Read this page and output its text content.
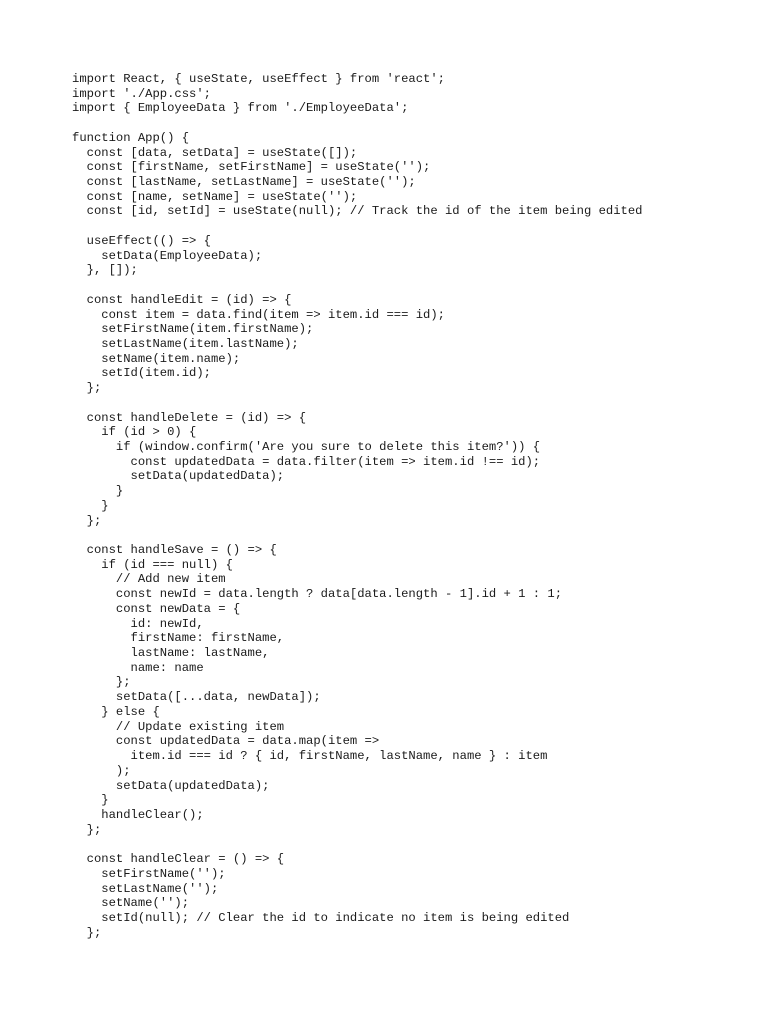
import React, { useState, useEffect } from 'react';
import './App.css';
import { EmployeeData } from './EmployeeData';
function App() {
const [data, setData] = useState([]);
const [firstName, setFirstName] = useState('');
const [lastName, setLastName] = useState('');
const [name, setName] = useState('');
const [id, setId] = useState(null); // Track the id of the item being edited
useEffect(() => {
setData(EmployeeData);
}, []);
const handleEdit = (id) => {
const item = data.find(item => item.id === id);
setFirstName(item.firstName);
setLastName(item.lastName);
setName(item.name);
setId(item.id);
};
const handleDelete = (id) => {
if (id > 0) {
if (window.confirm('Are you sure to delete this item?')) {
const updatedData = data.filter(item => item.id !== id);
setData(updatedData);
}
}
};
const handleSave = () => {
if (id === null) {
// Add new item
const newId = data.length ? data[data.length - 1].id + 1 : 1;
const newData = {
id: newId,
firstName: firstName,
lastName: lastName,
name: name
};
setData([...data, newData]);
} else {
// Update existing item
const updatedData = data.map(item =>
item.id === id ? { id, firstName, lastName, name } : item
);
setData(updatedData);
}
handleClear();
};
const handleClear = () => {
setFirstName('');
setLastName('');
setName('');
setId(null); // Clear the id to indicate no item is being edited
};
